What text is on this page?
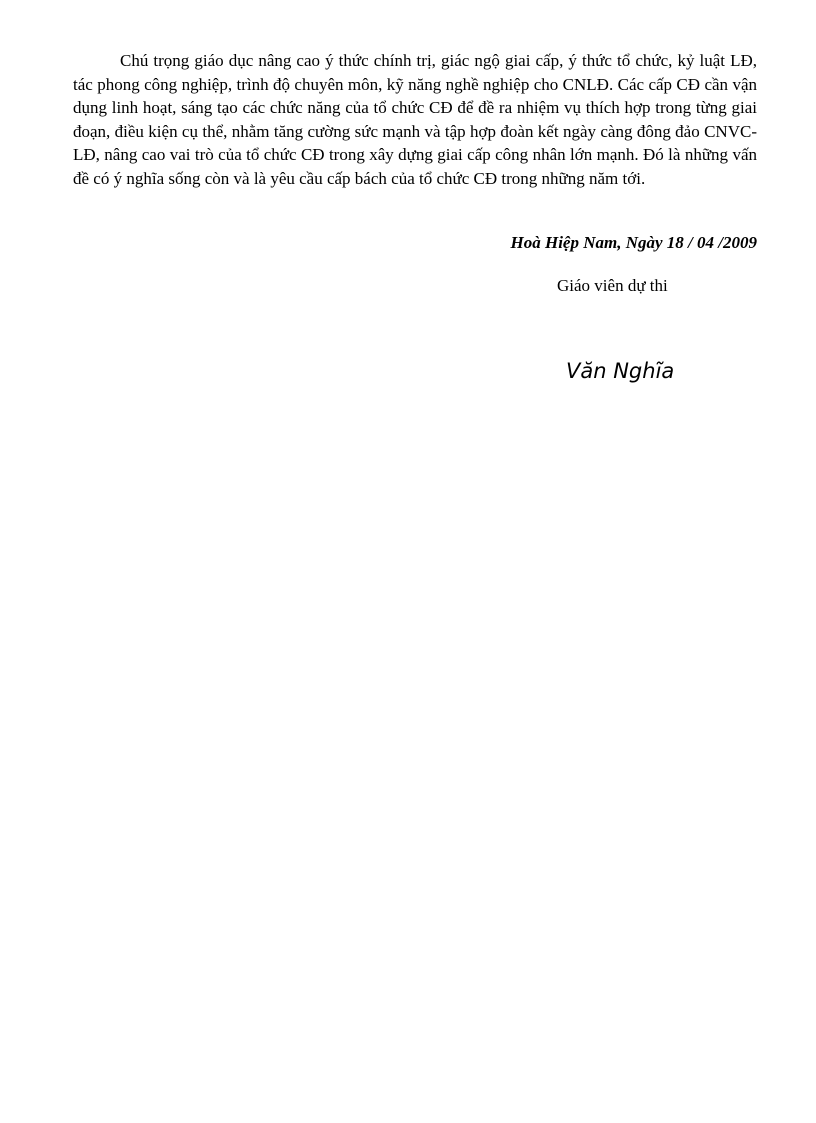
Chú trọng giáo dục nâng cao ý thức chính trị, giác ngộ giai cấp, ý thức tổ chức, kỷ luật LĐ, tác phong công nghiệp, trình độ chuyên môn, kỹ năng nghề nghiệp cho CNLĐ. Các cấp CĐ cần vận dụng linh hoạt, sáng tạo các chức năng của tổ chức CĐ để đề ra nhiệm vụ thích hợp trong từng giai đoạn, điều kiện cụ thể, nhằm tăng cường sức mạnh và tập hợp đoàn kết ngày càng đông đảo CNVC-LĐ, nâng cao vai trò của tổ chức CĐ trong xây dựng giai cấp công nhân lớn mạnh. Đó là những vấn đề có ý nghĩa sống còn và là yêu cầu cấp bách của tổ chức CĐ trong những năm tới.

Hoà Hiệp Nam, Ngày 18 / 04 /2009

Giáo viên dự thi

Văn Nghĩa
